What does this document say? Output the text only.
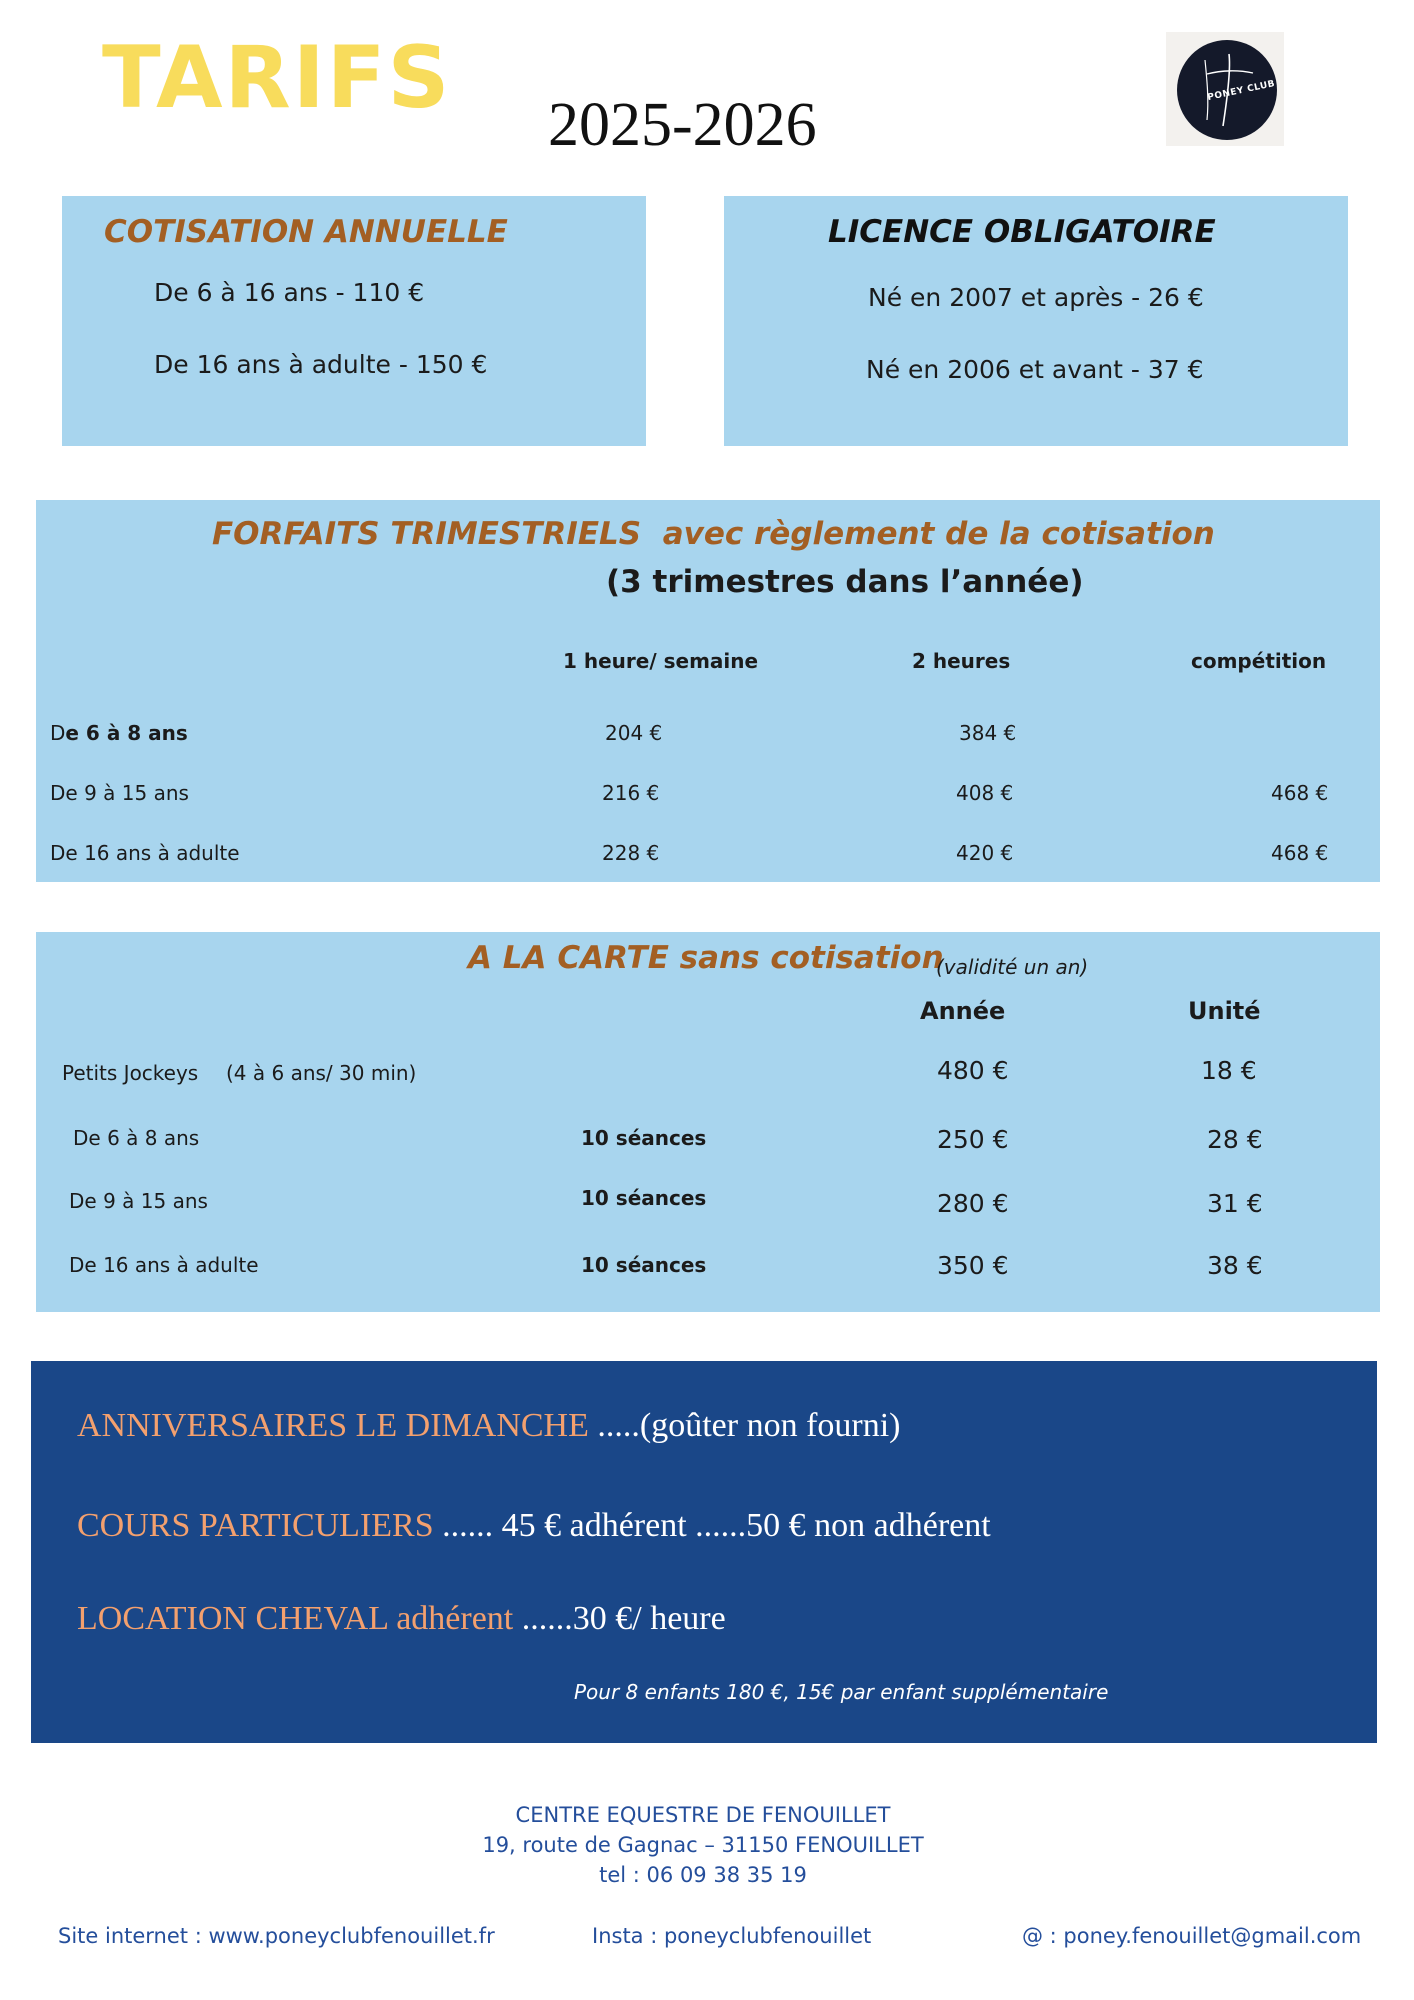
TARIFS 2025-2026	PONEY CLUB
COTISATION ANNUELLE
De 6 à 16 ans - 110 €
De 16 ans à adulte - 150 €
LICENCE OBLIGATOIRE
Né en 2007 et après - 26 €
Né en 2006 et avant - 37 €
FORFAITS TRIMESTRIELS avec règlement de la cotisation
(3 trimestres dans l’année)
1 heure/ semaine	2 heures	compétition
De 6 à 8 ans	204 €	384 €
De 9 à 15 ans	216 €	408 €	468 €
De 16 ans à adulte	228 €	420 €	468 €
A LA CARTE sans cotisation
(validité un an)
Année	Unité
Petits Jockeys (4 à 6 ans/ 30 min)	480 €	18 €
De 6 à 8 ans	10 séances	250 €	28 €
De 9 à 15 ans	10 séances	280 €	31 €
De 16 ans à adulte	10 séances	350 €	38 €
ANNIVERSAIRES LE DIMANCHE .....(goûter non fourni)
COURS PARTICULIERS ...... 45 € adhérent ......50 € non adhérent
LOCATION CHEVAL adhérent ......30 €/ heure
Pour 8 enfants 180 €, 15€ par enfant supplémentaire
CENTRE EQUESTRE DE FENOUILLET
19, route de Gagnac – 31150 FENOUILLET
tel : 06 09 38 35 19
Site internet : www.poneyclubfenouillet.fr	Insta : poneyclubfenouillet	@ : poney.fenouillet@gmail.com
